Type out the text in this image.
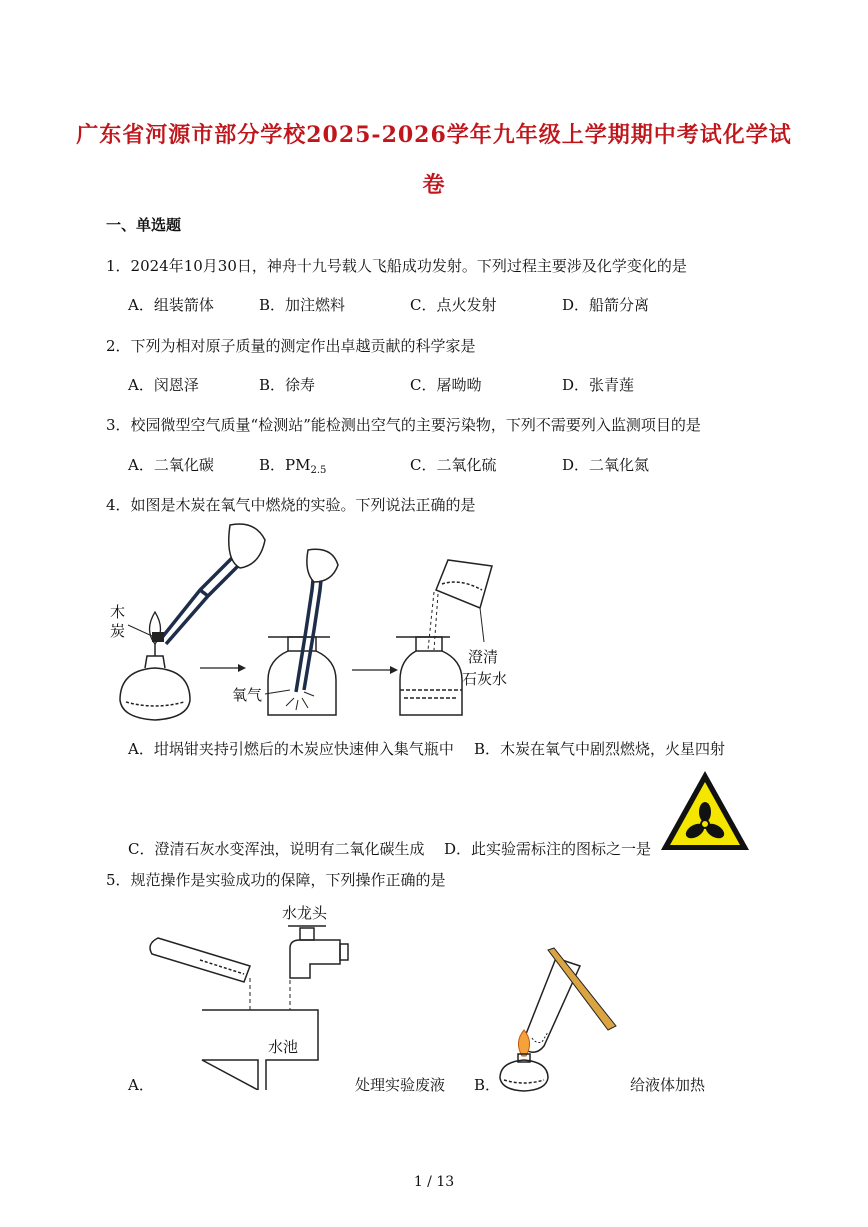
广东省河源市部分学校2025-2026学年九年级上学期期中考试化学试
卷
一、单选题
1．2024年10月30日，神舟十九号载人飞船成功发射。下列过程主要涉及化学变化的是
A．组装箭体	B．加注燃料	C．点火发射	D．船箭分离
2．下列为相对原子质量的测定作出卓越贡献的科学家是
A．闵恩泽	B．徐寿	C．屠呦呦	D．张青莲
3．校园微型空气质量“检测站”能检测出空气的主要污染物，下列不需要列入监测项目的是
A．二氧化碳	B．$PM_{2.5}$	C．二氧化硫	D．二氧化氮
4．如图是木炭在氧气中燃烧的实验。下列说法正确的是
木
炭
氧气
澄清
石灰水
A．坩埚钳夹持引燃后的木炭应快速伸入集气瓶中 B．木炭在氧气中剧烈燃烧，火星四射
C．澄清石灰水变浑浊，说明有二氧化碳生成 D．此实验需标注的图标之一是
5．规范操作是实验成功的保障，下列操作正确的是
水龙头
水池
A．	处理实验废液 B．	给液体加热
1 / 13
